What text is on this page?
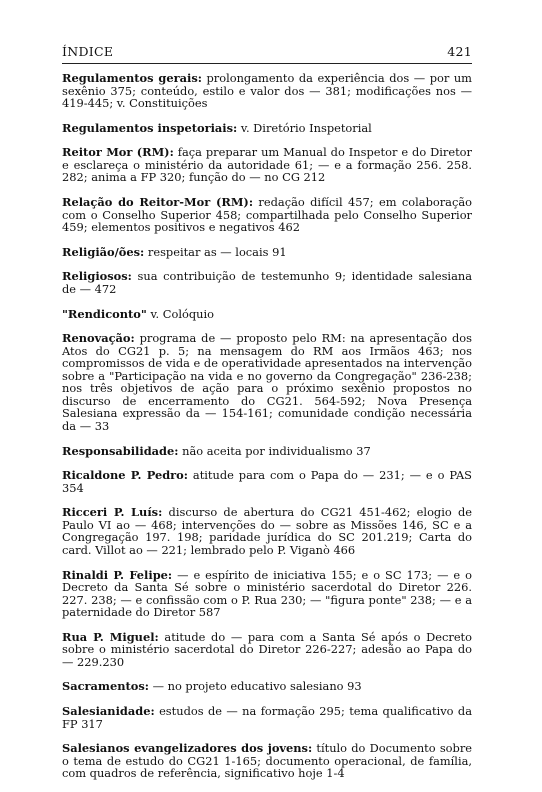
ÍNDICE	421

Regulamentos gerais: prolongamento da experiência dos — por um sexênio 375; conteúdo, estilo e valor dos — 381; modificações nos — 419-445; v. Constituições

Regulamentos inspetoriais: v. Diretório Inspetorial

Reitor Mor (RM): faça preparar um Manual do Inspetor e do Diretor e esclareça o ministério da autoridade 61; — e a formação 256. 258. 282; anima a FP 320; função do — no CG 212

Relação do Reitor-Mor (RM): redação difícil 457; em colaboração com o Conselho Superior 458; compartilhada pelo Conselho Superior 459; elementos positivos e negativos 462

Religião/ões: respeitar as — locais 91

Religiosos: sua contribuição de testemunho 9; identidade salesiana de — 472

"Rendiconto" v. Colóquio

Renovação: programa de — proposto pelo RM: na apresentação dos Atos do CG21 p. 5; na mensagem do RM aos Irmãos 463; nos compromissos de vida e de operatividade apresentados na intervenção sobre a "Participação na vida e no governo da Congregação" 236-238; nos três objetivos de ação para o próximo sexênio propostos no discurso de encerramento do CG21. 564-592; Nova Presença Salesiana expressão da — 154-161; comunidade condição necessária da — 33

Responsabilidade: não aceita por individualismo 37

Ricaldone P. Pedro: atitude para com o Papa do — 231; — e o PAS 354

Ricceri P. Luís: discurso de abertura do CG21 451-462; elogio de Paulo VI ao — 468; intervenções do — sobre as Missões 146, SC e a Congregação 197. 198; paridade jurídica do SC 201.219; Carta do card. Villot ao — 221; lembrado pelo P. Viganò 466

Rinaldi P. Felipe: — e espírito de iniciativa 155; e o SC 173; — e o Decreto da Santa Sé sobre o ministério sacerdotal do Diretor 226. 227. 238; — e confissão com o P. Rua 230; — "figura ponte" 238; — e a paternidade do Diretor 587

Rua P. Miguel: atitude do — para com a Santa Sé após o Decreto sobre o ministério sacerdotal do Diretor 226-227; adesão ao Papa do — 229.230

Sacramentos: — no projeto educativo salesiano 93

Salesianidade: estudos de — na formação 295; tema qualificativo da FP 317

Salesianos evangelizadores dos jovens: título do Documento sobre o tema de estudo do CG21 1-165; documento operacional, de família, com quadros de referência, significativo hoje 1-4
